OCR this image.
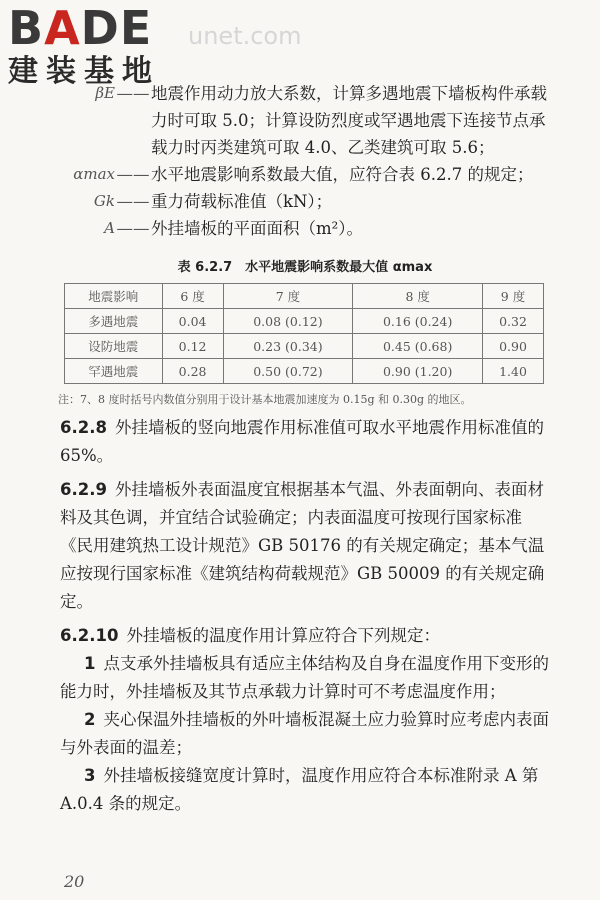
B A D E
建装基地
unet.com
βE —— 地震作用动力放大系数，计算多遇地震下墙板构件承载力时可取 5.0；计算设防烈度或罕遇地震下连接节点承载力时丙类建筑可取 4.0、乙类建筑可取 5.6；
αmax —— 水平地震影响系数最大值，应符合表 6.2.7 的规定；
Gk —— 重力荷载标准值（kN）；
A —— 外挂墙板的平面面积（m²）。
表 6.2.7　水平地震影响系数最大值 αmax
地震影响	6 度	7 度	8 度	9 度
多遇地震	0.04	0.08 (0.12)	0.16 (0.24)	0.32
设防地震	0.12	0.23 (0.34)	0.45 (0.68)	0.90
罕遇地震	0.28	0.50 (0.72)	0.90 (1.20)	1.40
注：7、8 度时括号内数值分别用于设计基本地震加速度为 0.15g 和 0.30g 的地区。
6.2.8 外挂墙板的竖向地震作用标准值可取水平地震作用标准值的 65%。
6.2.9 外挂墙板外表面温度宜根据基本气温、外表面朝向、表面材料及其色调，并宜结合试验确定；内表面温度可按现行国家标准《民用建筑热工设计规范》GB 50176 的有关规定确定；基本气温应按现行国家标准《建筑结构荷载规范》GB 50009 的有关规定确定。
6.2.10 外挂墙板的温度作用计算应符合下列规定：
1 点支承外挂墙板具有适应主体结构及自身在温度作用下变形的能力时，外挂墙板及其节点承载力计算时可不考虑温度作用；
2 夹心保温外挂墙板的外叶墙板混凝土应力验算时应考虑内表面与外表面的温差；
3 外挂墙板接缝宽度计算时，温度作用应符合本标准附录 A 第 A.0.4 条的规定。
20
